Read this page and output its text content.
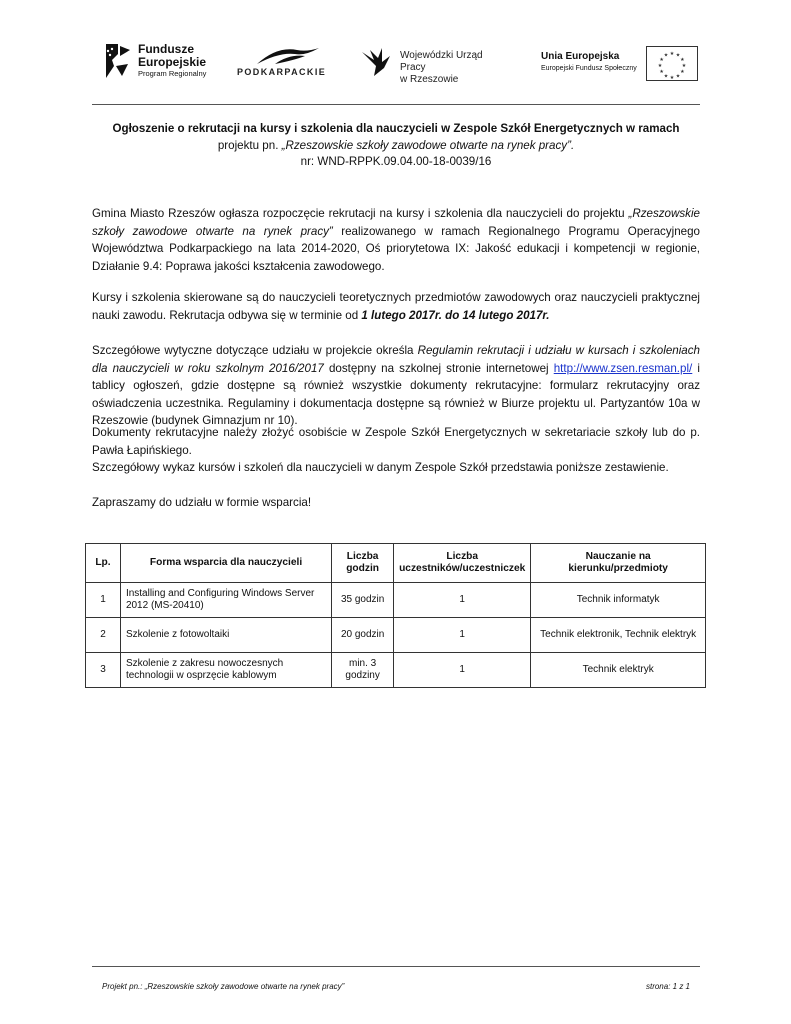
Fundusze
Europejskie
Program Regionalny	PODKARPACKIE
Wojewódzki Urząd Pracy
w Rzeszowie
Unia Europejska
Europejski Fundusz Społeczny
★ ★
★
★
★
★
★
★
★
★
★
★
Ogłoszenie o rekrutacji na kursy i szkolenia dla nauczycieli w Zespole Szkół Energetycznych w ramach
projektu pn. „Rzeszowskie szkoły zawodowe otwarte na rynek pracy”.
nr: WND-RPPK.09.04.00-18-0039/16
Gmina Miasto Rzeszów ogłasza rozpoczęcie rekrutacji na kursy i szkolenia dla nauczycieli do projektu „Rzeszowskie szkoły zawodowe otwarte na rynek pracy” realizowanego w ramach Regionalnego Programu Operacyjnego Województwa Podkarpackiego na lata 2014-2020, Oś priorytetowa IX: Jakość edukacji i kompetencji w regionie, Działanie 9.4: Poprawa jakości kształcenia zawodowego.
Kursy i szkolenia skierowane są do nauczycieli teoretycznych przedmiotów zawodowych oraz nauczycieli praktycznej nauki zawodu. Rekrutacja odbywa się w terminie od 1 lutego 2017r. do 14 lutego 2017r.
Szczegółowe wytyczne dotyczące udziału w projekcie określa Regulamin rekrutacji i udziału w kursach i szkoleniach dla nauczycieli w roku szkolnym 2016/2017 dostępny na szkolnej stronie internetowej http://www.zsen.resman.pl/ i tablicy ogłoszeń, gdzie dostępne są również wszystkie dokumenty rekrutacyjne: formularz rekrutacyjny oraz oświadczenia uczestnika. Regulaminy i dokumentacja dostępne są również w Biurze projektu ul. Partyzantów 10a w Rzeszowie (budynek Gimnazjum nr 10).
Dokumenty rekrutacyjne należy złożyć osobiście w Zespole Szkół Energetycznych w sekretariacie szkoły lub do p. Pawła Łapińskiego.
Szczegółowy wykaz kursów i szkoleń dla nauczycieli w danym Zespole Szkół przedstawia poniższe zestawienie.
Zapraszamy do udziału w formie wsparcia!
Lp.	Forma wsparcia dla nauczycieli	Liczba godzin	Liczba uczestników/uczestniczek	Nauczanie na kierunku/przedmioty
1	Installing and Configuring Windows Server 2012 (MS-20410)	35 godzin	1	Technik informatyk
2	Szkolenie z fotowoltaiki	20 godzin	1	Technik elektronik, Technik elektryk
3	Szkolenie z zakresu nowoczesnych technologii w osprzęcie kablowym	min. 3 godziny	1	Technik elektryk
Projekt pn.: „Rzeszowskie szkoły zawodowe otwarte na rynek pracy”	strona: 1 z 1
